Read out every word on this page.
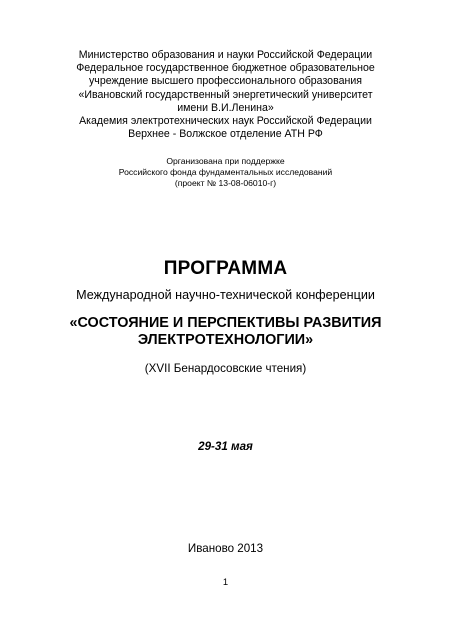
Министерство образования и науки Российской Федерации
Федеральное государственное бюджетное образовательное
учреждение высшего профессионального образования
«Ивановский государственный энергетический университет
имени В.И.Ленина»
Академия электротехнических наук Российской Федерации
Верхнее - Волжское отделение АТН РФ
Организована при поддержке
Российского фонда фундаментальных исследований
(проект № 13-08-06010-г)
ПРОГРАММА
Международной научно-технической конференции
«СОСТОЯНИЕ И ПЕРСПЕКТИВЫ РАЗВИТИЯ
ЭЛЕКТРОТЕХНОЛОГИИ»
(XVII Бенардосовские чтения)
29-31 мая
Иваново 2013
1
